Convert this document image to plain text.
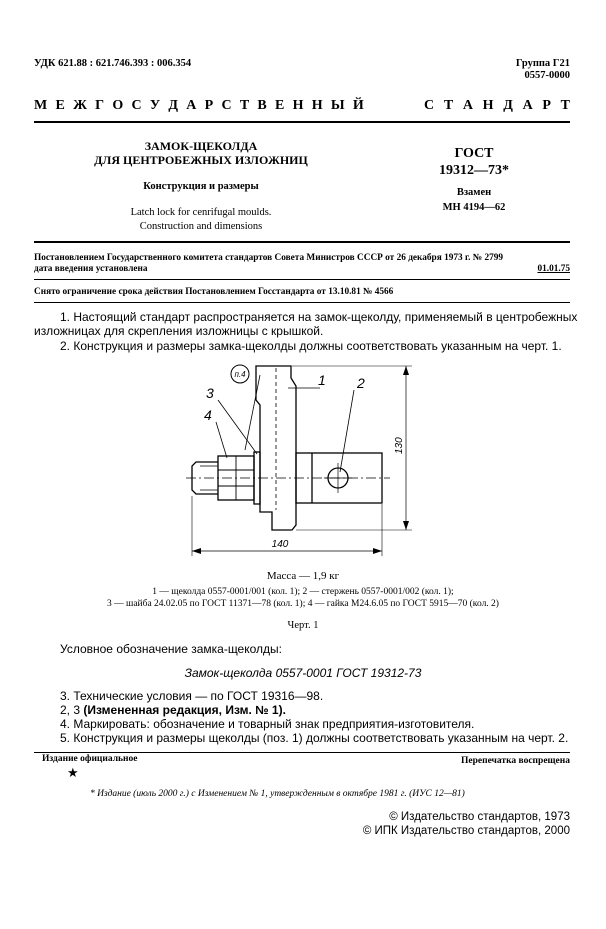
УДК 621.88 : 621.746.393 : 006.354	Группа Г21
0557-0000
М Е Ж Г О С У Д А Р С Т В Е Н Н Ы Й	С Т А Н Д А Р Т
ЗАМОК-ЩЕКОЛДА
ДЛЯ ЦЕНТРОБЕЖНЫХ ИЗЛОЖНИЦ
Конструкция и размеры
Latch lock for cenrifugal moulds.
Construction and dimensions
ГОСТ
19312—73*
Взамен
МН 4194—62
Постановлением Государственного комитета стандартов Совета Министров СССР от 26 декабря 1973 г. № 2799
дата введения установлена	01.01.75
Снято ограничение срока действия Постановлением Госстандарта от 13.10.81 № 4566
1. Настоящий стандарт распространяется на замок-щеколду, применяемый в центробежных
изложницах для скрепления изложницы с крышкой.
2. Конструкция и размеры замка-щеколды должны соответствовать указанным на черт. 1.
п.4	1 2
3
4
130
140
Масса — 1,9 кг
1 — щеколда 0557-0001/001 (кол. 1); 2 — стержень 0557-0001/002 (кол. 1);
3 — шайба 24.02.05 по ГОСТ 11371—78 (кол. 1); 4 — гайка М24.6.05 по ГОСТ 5915—70 (кол. 2)
Черт. 1
Условное обозначение замка-щеколды:
Замок-щеколда 0557-0001 ГОСТ 19312-73
3. Технические условия — по ГОСТ 19316—98.
2, 3 (Измененная редакция, Изм. № 1).
4. Маркировать: обозначение и товарный знак предприятия-изготовителя.
5. Конструкция и размеры щеколды (поз. 1) должны соответствовать указанным на черт. 2.
Издание официальное	Перепечатка воспрещена
★
* Издание (июль 2000 г.) с Изменением № 1, утвержденным в октябре 1981 г. (ИУС 12—81)
© Издательство стандартов, 1973
© ИПК Издательство стандартов, 2000
